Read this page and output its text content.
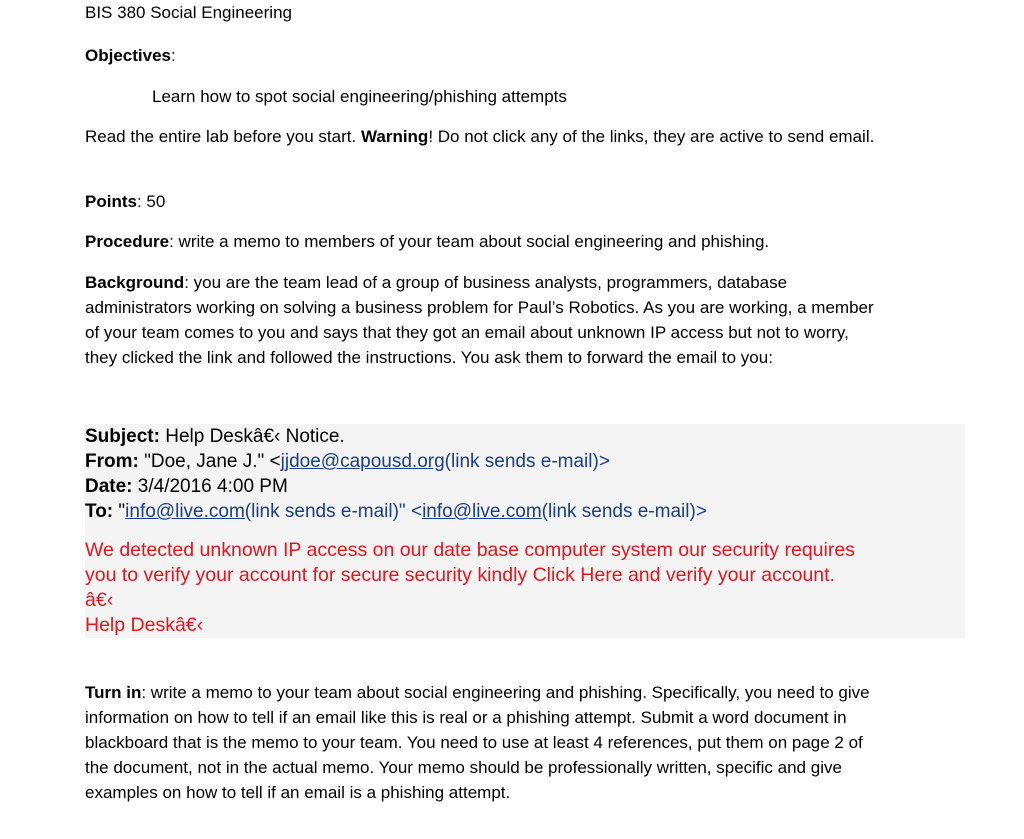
BIS 380 Social Engineering

Objectives:

Learn how to spot social engineering/phishing attempts

Read the entire lab before you start. Warning! Do not click any of the links, they are active to send email.

Points: 50

Procedure: write a memo to members of your team about social engineering and phishing.

Background: you are the team lead of a group of business analysts, programmers, database

administrators working on solving a business problem for Paul’s Robotics. As you are working, a member

of your team comes to you and says that they got an email about unknown IP access but not to worry,

they clicked the link and followed the instructions. You ask them to forward the email to you:

Subject: Help Deskâ€‹ Notice.

From: "Doe, Jane J." <jjdoe@capousd.org(link sends e-mail)>

Date: 3/4/2016 4:00 PM

To: "info@live.com(link sends e-mail)" <info@live.com(link sends e-mail)>

We detected unknown IP access on our date base computer system our security requires

you to verify your account for secure security kindly Click Here and verify your account.

â€‹

Help Deskâ€‹

Turn in: write a memo to your team about social engineering and phishing. Specifically, you need to give

information on how to tell if an email like this is real or a phishing attempt. Submit a word document in

blackboard that is the memo to your team. You need to use at least 4 references, put them on page 2 of

the document, not in the actual memo. Your memo should be professionally written, specific and give

examples on how to tell if an email is a phishing attempt.
